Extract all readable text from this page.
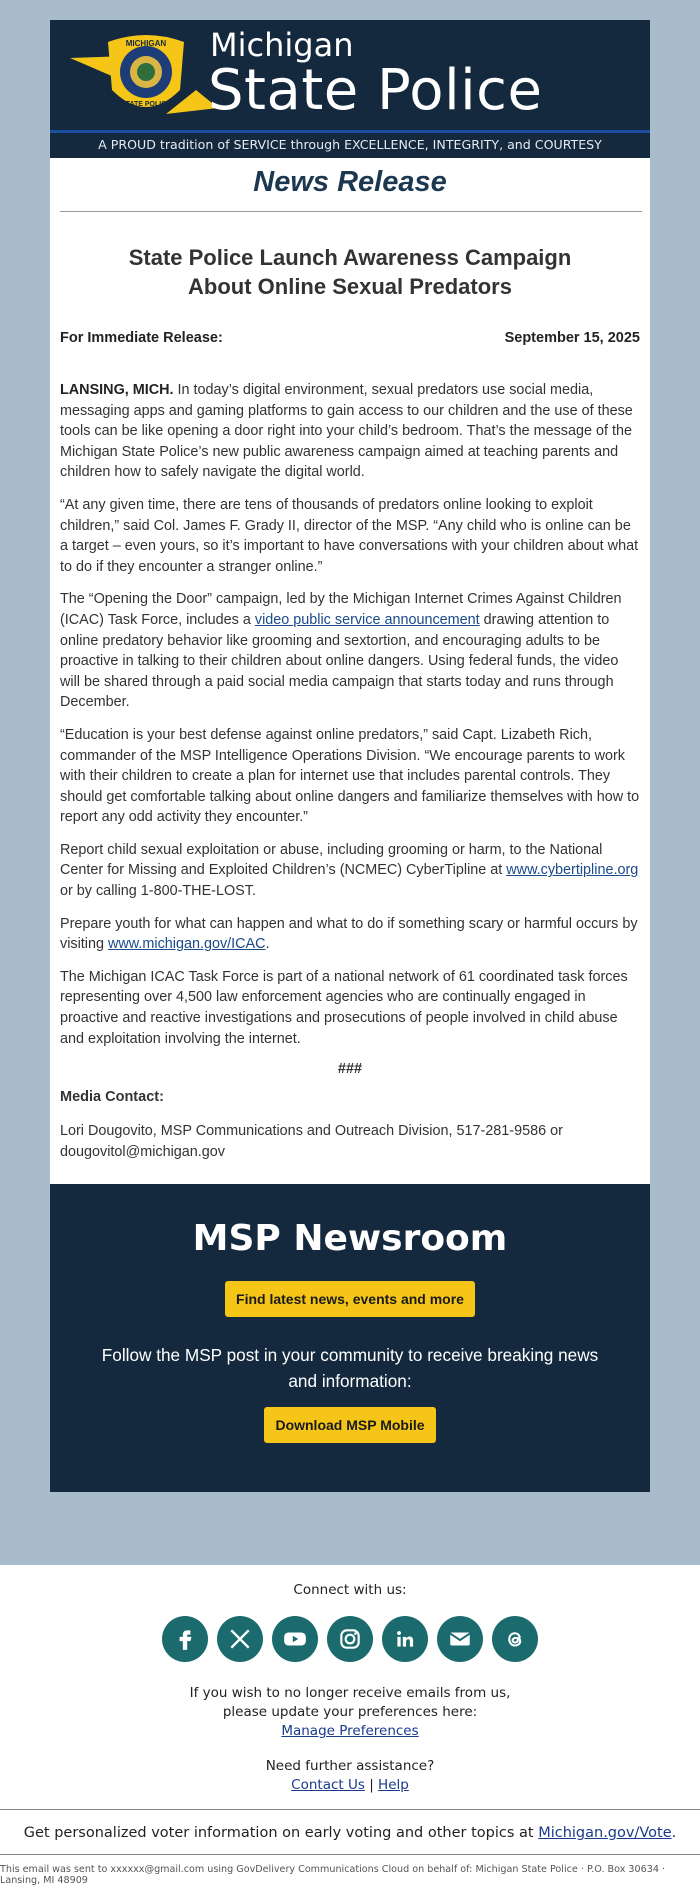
MICHIGAN
STATE POLICE
Michigan
State Police
A PROUD tradition of SERVICE through EXCELLENCE, INTEGRITY, and COURTESY
News Release
State Police Launch Awareness Campaign
About Online Sexual Predators
For Immediate Release:	September 15, 2025

LANSING, MICH. In today’s digital environment, sexual predators use social media, messaging apps and gaming platforms to gain access to our children and the use of these tools can be like opening a door right into your child’s bedroom. That’s the message of the Michigan State Police’s new public awareness campaign aimed at teaching parents and children how to safely navigate the digital world.

“At any given time, there are tens of thousands of predators online looking to exploit children,” said Col. James F. Grady II, director of the MSP. “Any child who is online can be a target – even yours, so it’s important to have conversations with your children about what to do if they encounter a stranger online.”

The “Opening the Door” campaign, led by the Michigan Internet Crimes Against Children (ICAC) Task Force, includes a video public service announcement drawing attention to online predatory behavior like grooming and sextortion, and encouraging adults to be proactive in talking to their children about online dangers. Using federal funds, the video will be shared through a paid social media campaign that starts today and runs through December.

“Education is your best defense against online predators,” said Capt. Lizabeth Rich, commander of the MSP Intelligence Operations Division. “We encourage parents to work with their children to create a plan for internet use that includes parental controls. They should get comfortable talking about online dangers and familiarize themselves with how to report any odd activity they encounter.”

Report child sexual exploitation or abuse, including grooming or harm, to the National Center for Missing and Exploited Children’s (NCMEC) CyberTipline at www.cybertipline.org or by calling 1-800-THE-LOST.

Prepare youth for what can happen and what to do if something scary or harmful occurs by visiting www.michigan.gov/ICAC.

The Michigan ICAC Task Force is part of a national network of 61 coordinated task forces representing over 4,500 law enforcement agencies who are continually engaged in proactive and reactive investigations and prosecutions of people involved in child abuse and exploitation involving the internet.

###
Media Contact:
Lori Dougovito, MSP Communications and Outreach Division, 517-281-9586 or dougovitol@michigan.gov
MSP Newsroom
Find latest news, events and more
Follow the MSP post in your community to receive breaking news
and information:
Download MSP Mobile
Connect with us:
If you wish to no longer receive emails from us,
please update your preferences here:
Manage Preferences
Need further assistance?
Contact Us | Help
Get personalized voter information on early voting and other topics at Michigan.gov/Vote.
This email was sent to xxxxxx@gmail.com using GovDelivery Communications Cloud on behalf of: Michigan State Police · P.O. Box 30634 · Lansing, MI 48909
